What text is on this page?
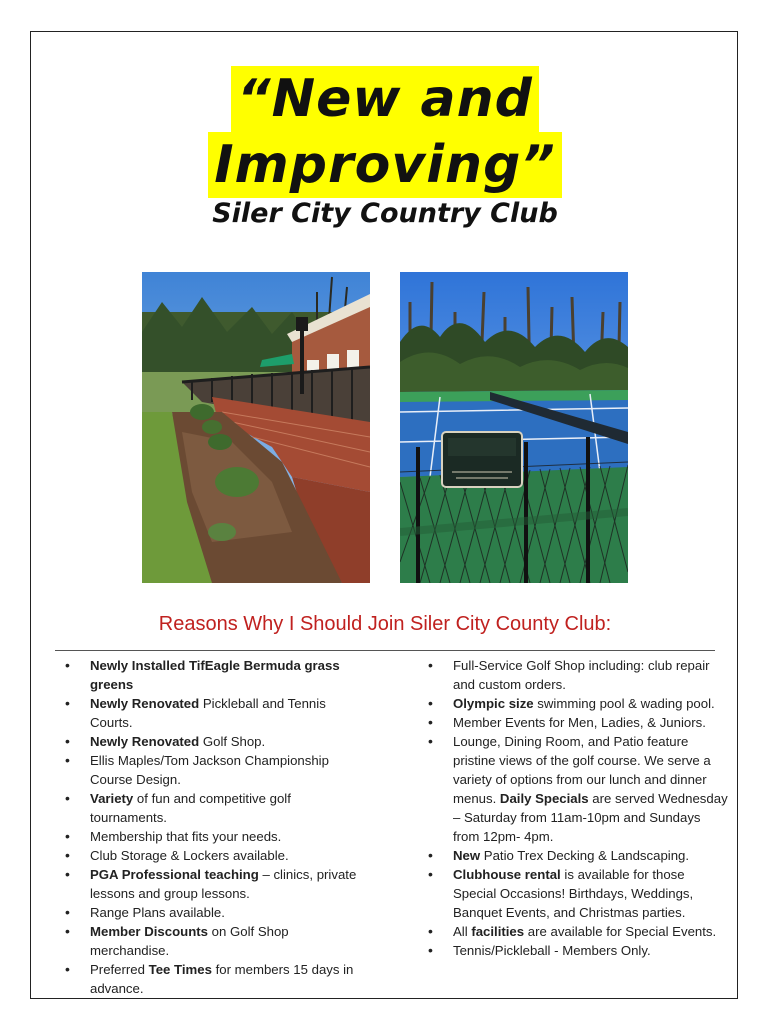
“New and
Improving”
Siler City Country Club
Reasons Why I Should Join Siler City County Club:
• Newly Installed TifEagle Bermuda grass greens
• Newly Renovated Pickleball and Tennis Courts.
• Newly Renovated Golf Shop.
• Ellis Maples/Tom Jackson Championship Course Design.
• Variety of fun and competitive golf tournaments.
• Membership that fits your needs.
• Club Storage & Lockers available.
• PGA Professional teaching – clinics, private lessons and group lessons.
• Range Plans available.
• Member Discounts on Golf Shop merchandise.
• Preferred Tee Times for members 15 days in advance.
• Full-Service Golf Shop including: club repair and custom orders.
• Olympic size swimming pool & wading pool.
• Member Events for Men, Ladies, & Juniors.
• Lounge, Dining Room, and Patio feature pristine views of the golf course. We serve a variety of options from our lunch and dinner menus. Daily Specials are served Wednesday – Saturday from 11am-10pm and Sundays from 12pm- 4pm.
• New Patio Trex Decking & Landscaping.
• Clubhouse rental is available for those Special Occasions! Birthdays, Weddings, Banquet Events, and Christmas parties.
• All facilities are available for Special Events.
• Tennis/Pickleball - Members Only.
